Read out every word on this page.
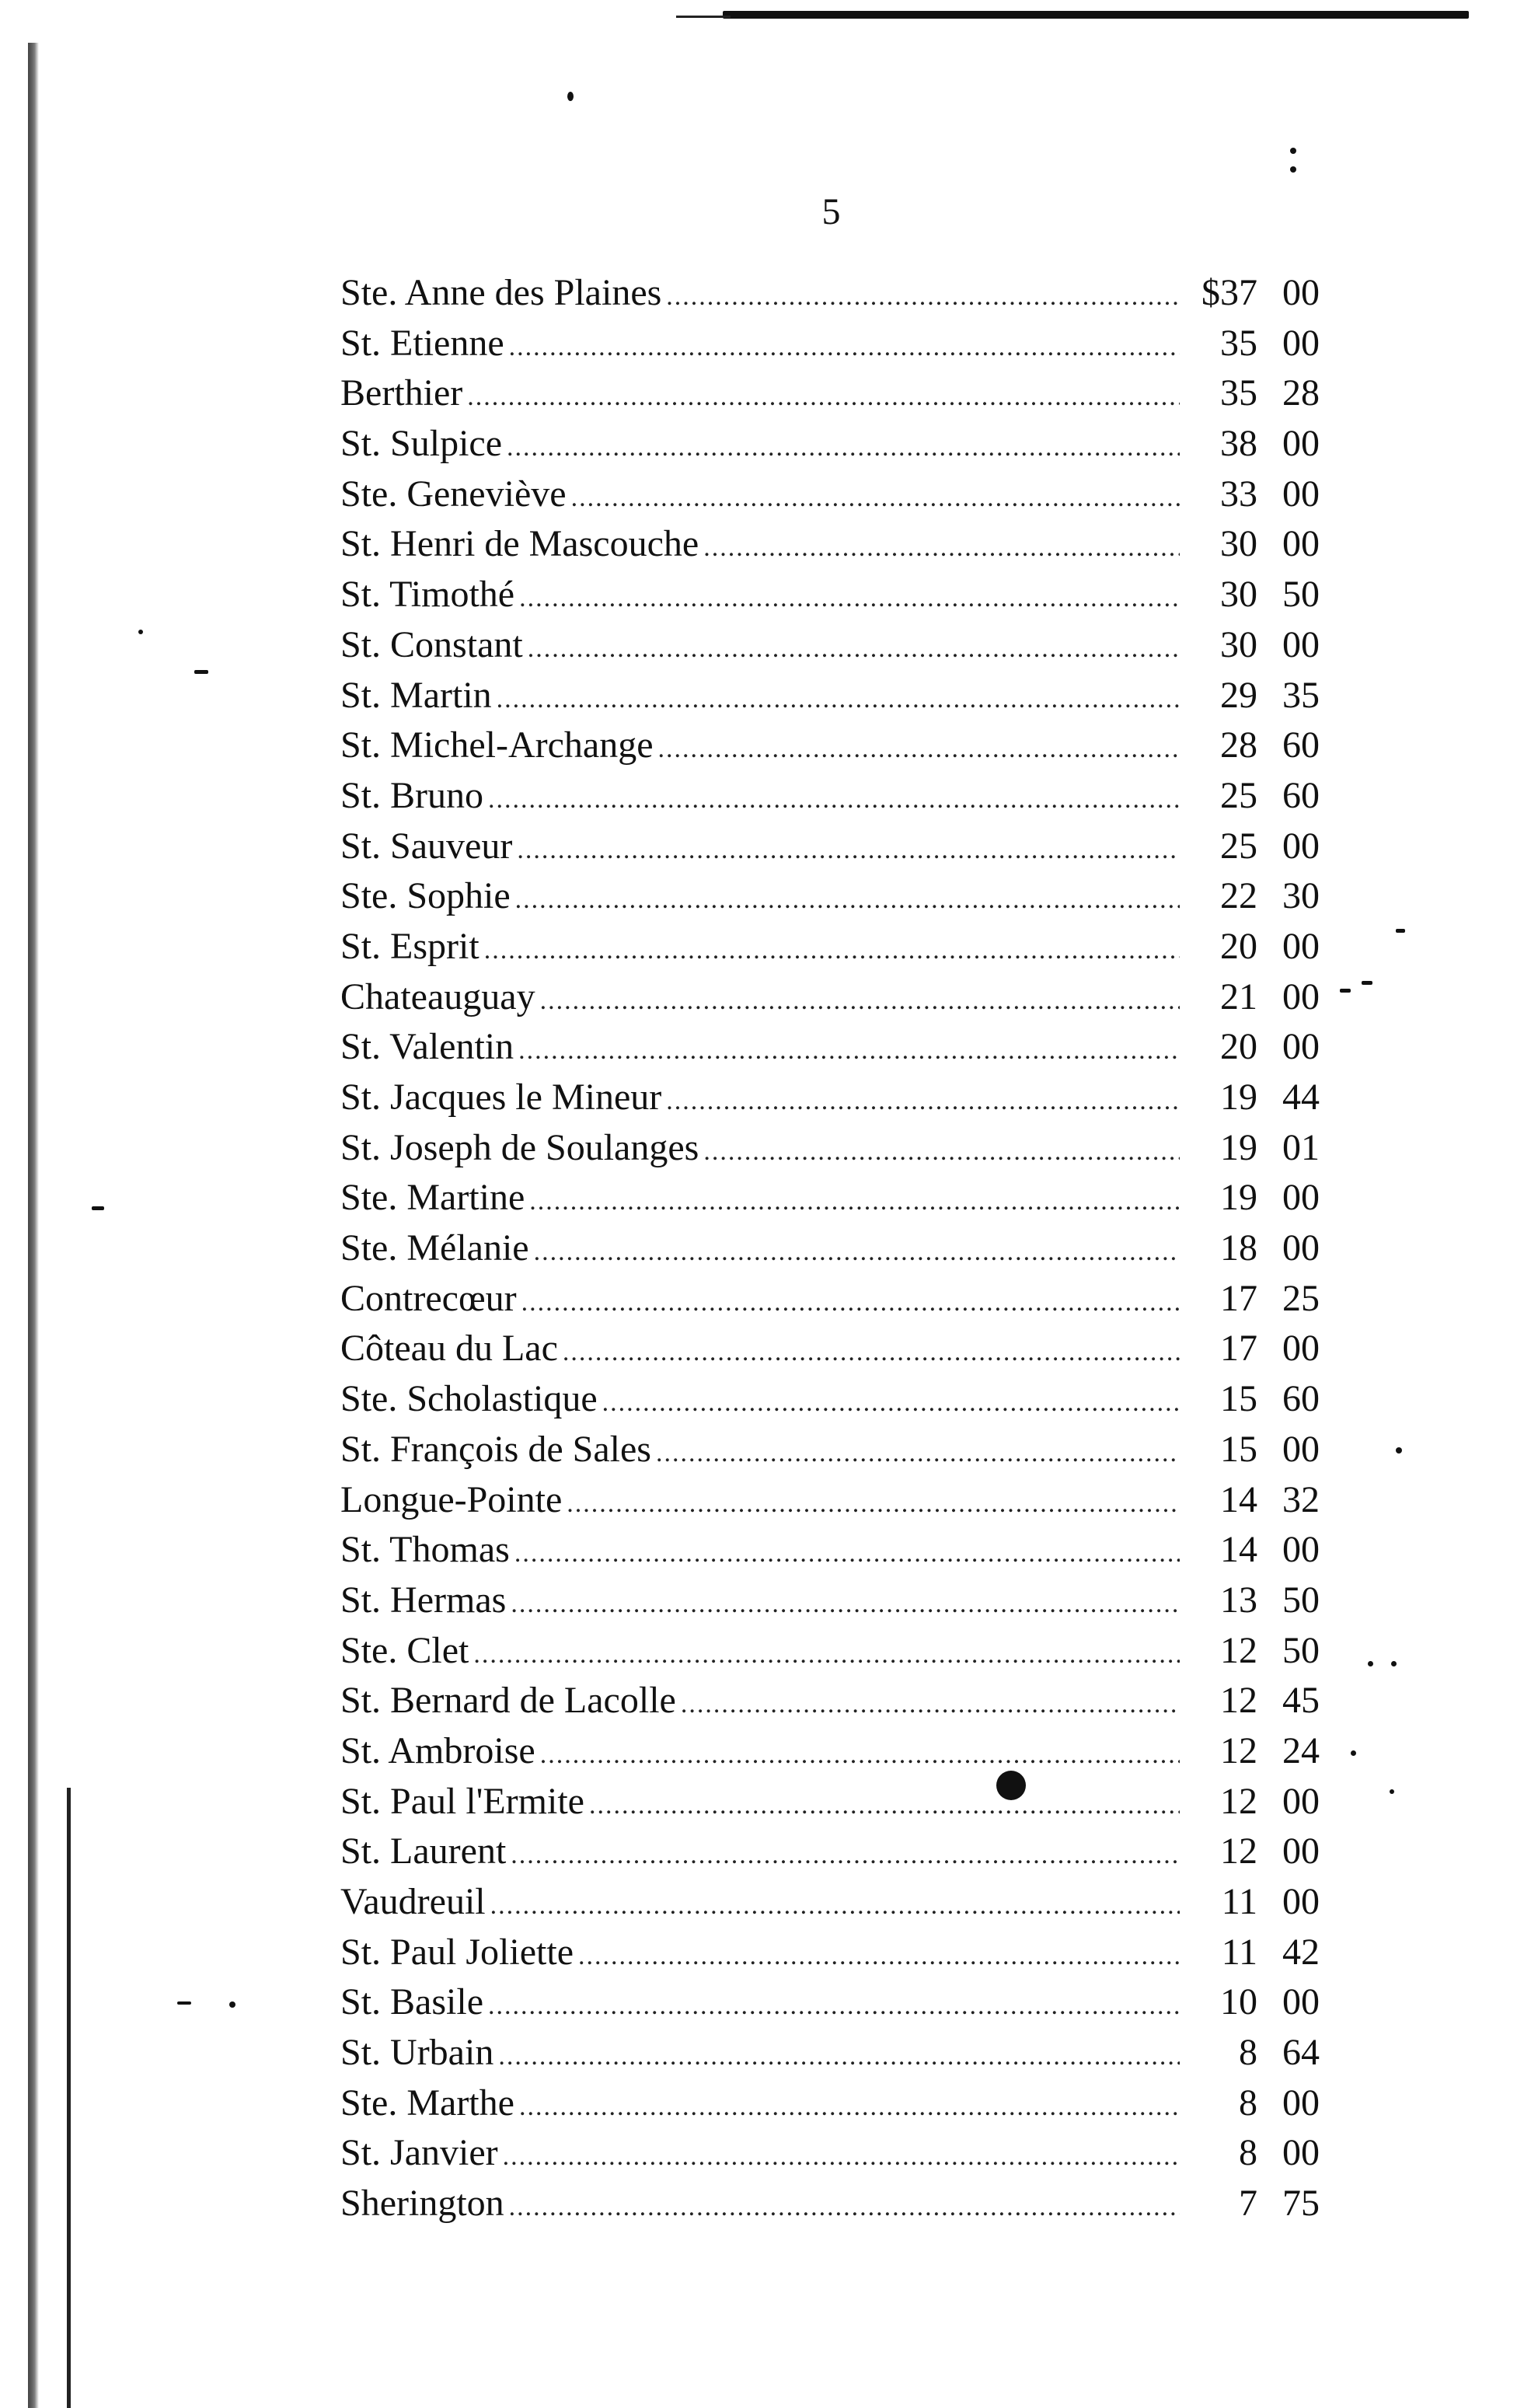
5
Ste. Anne des Plaines .....	$37 00
St. Etienne .....	35 00
Berthier .....	35 28
St. Sulpice .....	38 00
Ste. Geneviève .....	33 00
St. Henri de Mascouche .....	30 00
St. Timothé .....	30 50
St. Constant .....	30 00
St. Martin .....	29 35
St. Michel-Archange .....	28 60
St. Bruno .....	25 60
St. Sauveur .....	25 00
Ste. Sophie .....	22 30
St. Esprit .....	20 00
Chateauguay .....	21 00
St. Valentin .....	20 00
St. Jacques le Mineur .....	19 44
St. Joseph de Soulanges .....	19 01
Ste. Martine .....	19 00
Ste. Mélanie .....	18 00
Contrecœur .....	17 25
Côteau du Lac .....	17 00
Ste. Scholastique .....	15 60
St. François de Sales .....	15 00
Longue-Pointe .....	14 32
St. Thomas .....	14 00
St. Hermas .....	13 50
Ste. Clet .....	12 50
St. Bernard de Lacolle .....	12 45
St. Ambroise .....	12 24
St. Paul l'Ermite .....	12 00
St. Laurent .....	12 00
Vaudreuil .....	11 00
St. Paul Joliette .....	11 42
St. Basile .....	10 00
St. Urbain .....	8 64
Ste. Marthe .....	8 00
St. Janvier .....	8 00
Sherington .....	7 75
